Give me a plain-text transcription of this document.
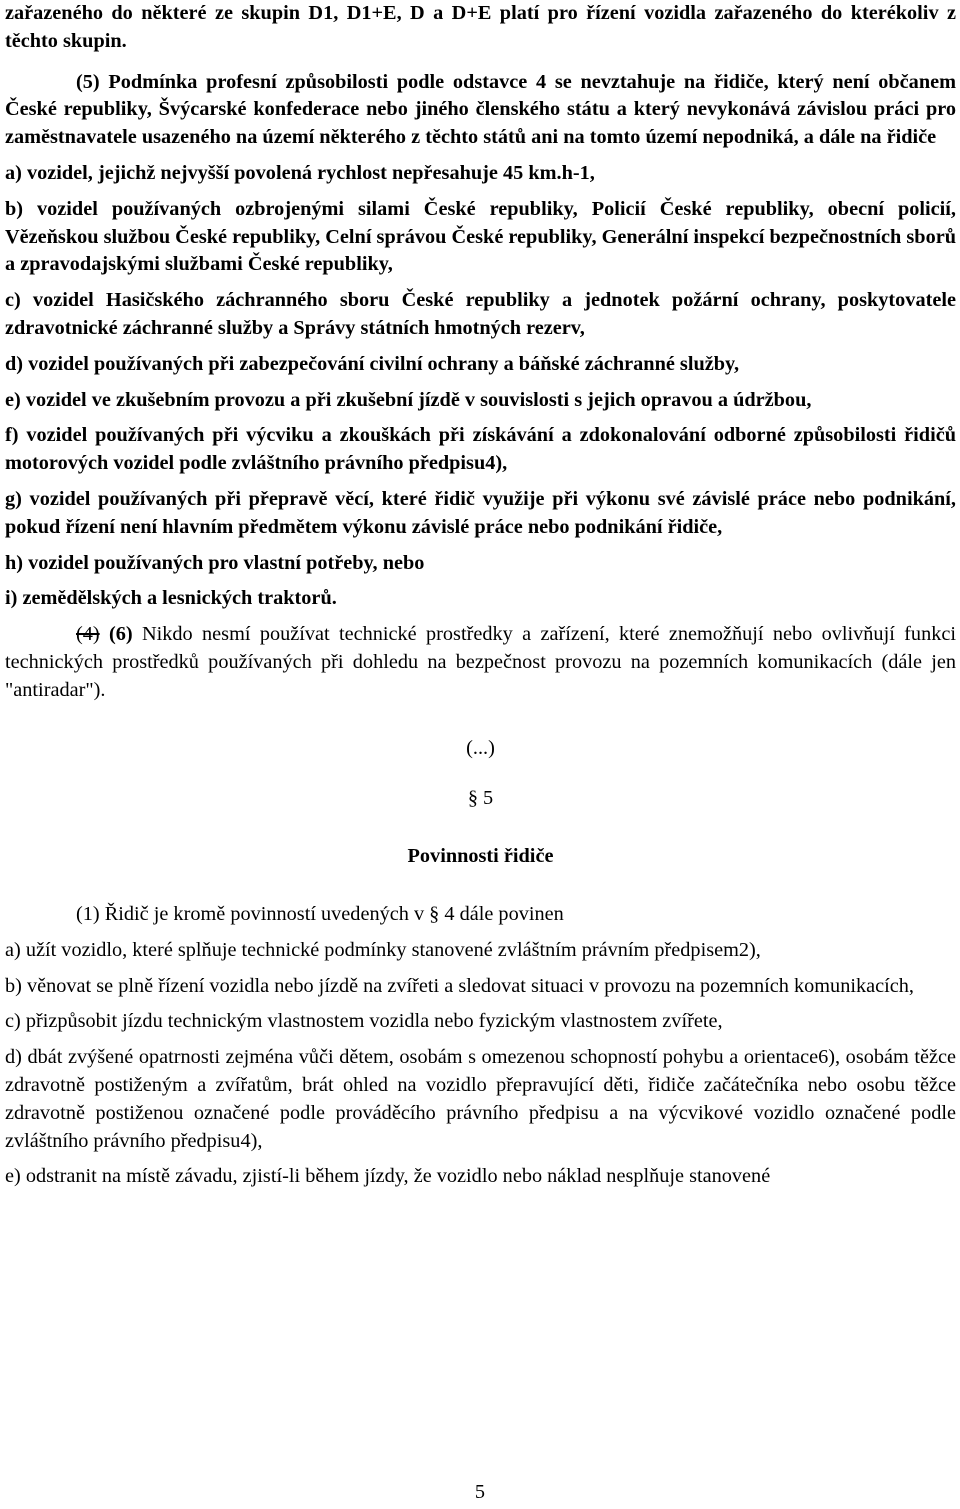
zařazeného do některé ze skupin D1, D1+E, D a D+E platí pro řízení vozidla zařazeného do kterékoliv z těchto skupin.

(5) Podmínka profesní způsobilosti podle odstavce 4 se nevztahuje na řidiče, který není občanem České republiky, Švýcarské konfederace nebo jiného členského státu a který nevykonává závislou práci pro zaměstnavatele usazeného na území některého z těchto států ani na tomto území nepodniká, a dále na řidiče

a) vozidel, jejichž nejvyšší povolená rychlost nepřesahuje 45 km.h-1,

b) vozidel používaných ozbrojenými silami České republiky, Policií České republiky, obecní policií, Vězeňskou službou České republiky, Celní správou České republiky, Generální inspekcí bezpečnostních sborů a zpravodajskými službami České republiky,

c) vozidel Hasičského záchranného sboru České republiky a jednotek požární ochrany, poskytovatele zdravotnické záchranné služby a Správy státních hmotných rezerv,

d) vozidel používaných při zabezpečování civilní ochrany a báňské záchranné služby,

e) vozidel ve zkušebním provozu a při zkušební jízdě v souvislosti s jejich opravou a údržbou,

f) vozidel používaných při výcviku a zkouškách při získávání a zdokonalování odborné způsobilosti řidičů motorových vozidel podle zvláštního právního předpisu4),

g) vozidel používaných při přepravě věcí, které řidič využije při výkonu své závislé práce nebo podnikání, pokud řízení není hlavním předmětem výkonu závislé práce nebo podnikání řidiče,

h) vozidel používaných pro vlastní potřeby, nebo

i) zemědělských a lesnických traktorů.

(4) (6) Nikdo nesmí používat technické prostředky a zařízení, které znemožňují nebo ovlivňují funkci technických prostředků používaných při dohledu na bezpečnost provozu na pozemních komunikacích (dále jen "antiradar").

(...)

§ 5

Povinnosti řidiče

(1) Řidič je kromě povinností uvedených v § 4 dále povinen

a) užít vozidlo, které splňuje technické podmínky stanovené zvláštním právním předpisem2),

b) věnovat se plně řízení vozidla nebo jízdě na zvířeti a sledovat situaci v provozu na pozemních komunikacích,

c) přizpůsobit jízdu technickým vlastnostem vozidla nebo fyzickým vlastnostem zvířete,

d) dbát zvýšené opatrnosti zejména vůči dětem, osobám s omezenou schopností pohybu a orientace6), osobám těžce zdravotně postiženým a zvířatům, brát ohled na vozidlo přepravující děti, řidiče začátečníka nebo osobu těžce zdravotně postiženou označené podle prováděcího právního předpisu a na výcvikové vozidlo označené podle zvláštního právního předpisu4),

e) odstranit na místě závadu, zjistí-li během jízdy, že vozidlo nebo náklad nesplňuje stanovené

5
